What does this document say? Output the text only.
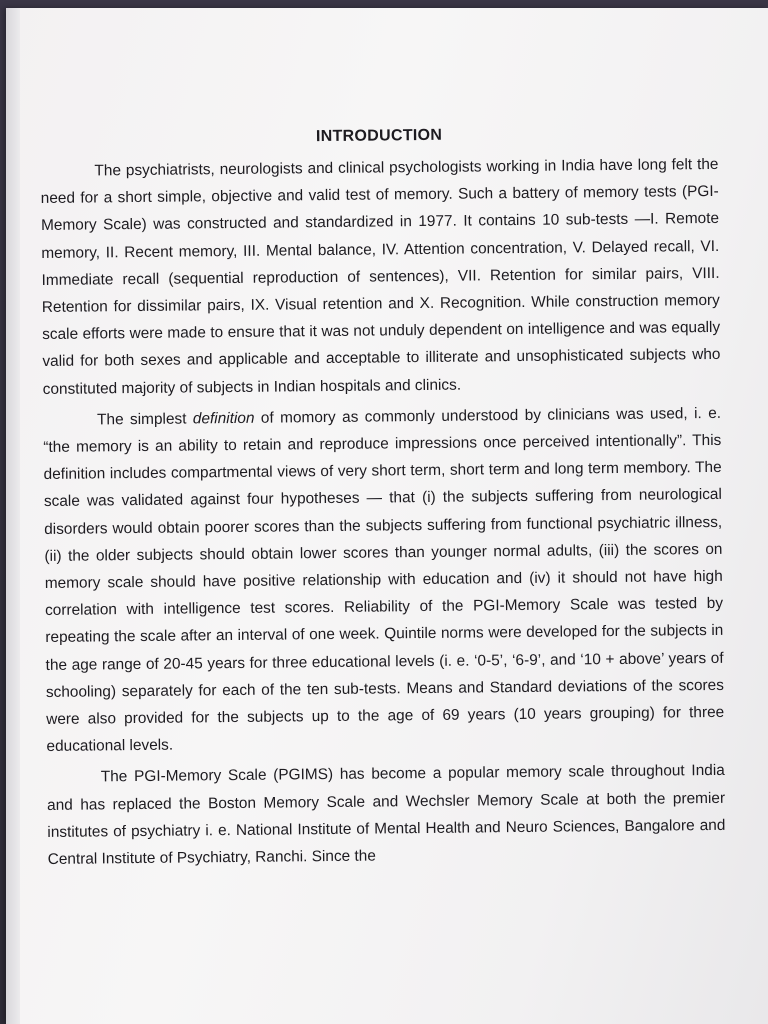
INTRODUCTION

The psychiatrists, neurologists and clinical psychologists working in India have long felt the need for a short simple, objective and valid test of memory. Such a battery of memory tests (PGI-Memory Scale) was constructed and standardized in 1977. It contains 10 sub-tests —I. Remote memory, II. Recent memory, III. Mental balance, IV. Attention concentration, V. Delayed recall, VI. Immediate recall (sequential reproduction of sentences), VII. Retention for similar pairs, VIII. Retention for dissimilar pairs, IX. Visual retention and X. Recognition. While construction memory scale efforts were made to ensure that it was not unduly dependent on intelligence and was equally valid for both sexes and applicable and acceptable to illiterate and unsophisticated subjects who constituted majority of subjects in Indian hospitals and clinics.

The simplest definition of momory as commonly understood by clinicians was used, i. e. “the memory is an ability to retain and reproduce impressions once perceived intentionally”. This definition includes compartmental views of very short term, short term and long term membory. The scale was validated against four hypotheses — that (i) the subjects suffering from neurological disorders would obtain poorer scores than the subjects suffering from functional psychiatric illness, (ii) the older subjects should obtain lower scores than younger normal adults, (iii) the scores on memory scale should have positive relationship with education and (iv) it should not have high correlation with intelligence test scores. Reliability of the PGI-Memory Scale was tested by repeating the scale after an interval of one week. Quintile norms were developed for the subjects in the age range of 20-45 years for three educational levels (i. e. ‘0-5’, ‘6-9’, and ‘10 + above’ years of schooling) separately for each of the ten sub-tests. Means and Standard deviations of the scores were also provided for the subjects up to the age of 69 years (10 years grouping) for three educational levels.

The PGI-Memory Scale (PGIMS) has become a popular memory scale throughout India and has replaced the Boston Memory Scale and Wechsler Memory Scale at both the premier institutes of psychiatry i. e. National Institute of Mental Health and Neuro Sciences, Bangalore and Central Institute of Psychiatry, Ranchi. Since the
